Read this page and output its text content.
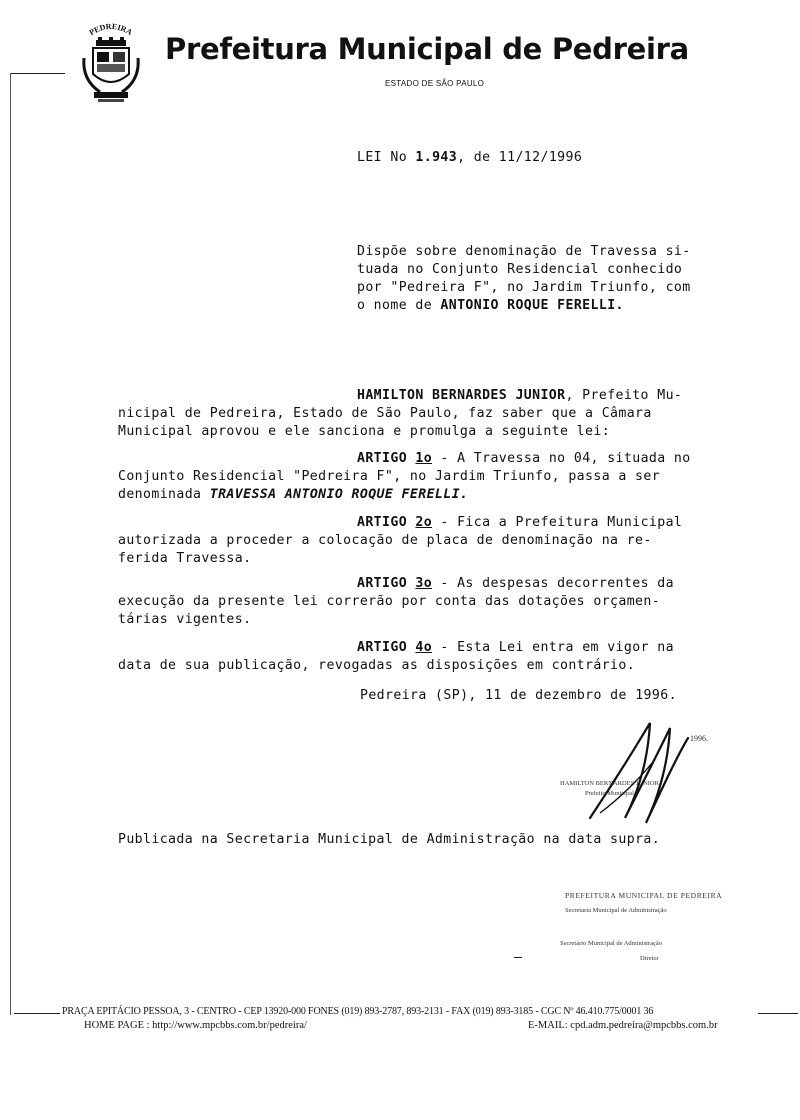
PEDREIRA
Prefeitura Municipal de Pedreira
ESTADO DE SÃO PAULO
LEI No 1.943, de 11/12/1996
Dispõe sobre denominação de Travessa si-
tuada no Conjunto Residencial conhecido
por "Pedreira F", no Jardim Triunfo, com
o nome de ANTONIO ROQUE FERELLI.
HAMILTON BERNARDES JUNIOR, Prefeito Mu-
nicipal de Pedreira, Estado de São Paulo, faz saber que a Câmara
Municipal aprovou e ele sanciona e promulga a seguinte lei:
ARTIGO 1o - A Travessa no 04, situada no
Conjunto Residencial "Pedreira F", no Jardim Triunfo, passa a ser
denominada TRAVESSA ANTONIO ROQUE FERELLI.
ARTIGO 2o - Fica a Prefeitura Municipal
autorizada a proceder a colocação de placa de denominação na re-
ferida Travessa.
ARTIGO 3o - As despesas decorrentes da
execução da presente lei correrão por conta das dotações orçamen-
tárias vigentes.
ARTIGO 4o - Esta Lei entra em vigor na
data de sua publicação, revogadas as disposições em contrário.
Pedreira (SP), 11 de dezembro de 1996.
1996.
HAMILTON BERNARDES JUNIOR
Prefeito Municipal
Publicada na Secretaria Municipal de Administração na data supra.
PREFEITURA MUNICIPAL DE PEDREIRA
Secretaria Municipal de Administração
Secretário Municipal de Administração
Diretor
PRAÇA EPITÁCIO PESSOA, 3 - CENTRO - CEP 13920-000 FONES (019) 893-2787, 893-2131 - FAX (019) 893-3185 - CGC Nº 46.410.775/0001 36
HOME PAGE : http://www.mpcbbs.com.br/pedreira/	E-MAIL: cpd.adm.pedreira@mpcbbs.com.br
